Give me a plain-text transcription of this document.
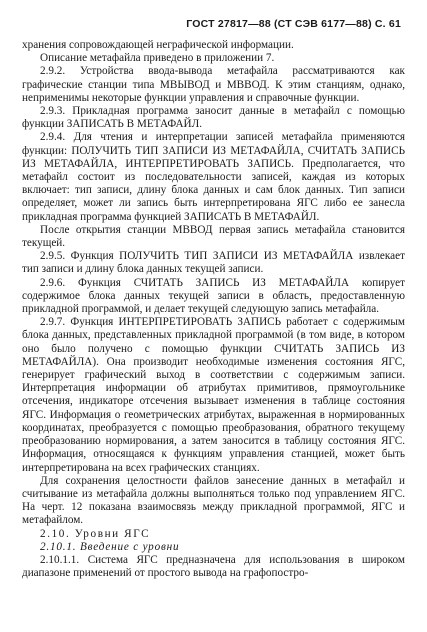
ГОСТ 27817—88 (СТ СЭВ 6177—88) С. 61

хранения сопровождающей неграфической информации.

Описание метафайла приведено в приложении 7.

2.9.2. Устройства ввода-вывода метафайла рассматриваются как графические станции типа МВЫВОД и МВВОД. К этим станциям, однако, неприменимы некоторые функции управления и справочные функции.

2.9.3. Прикладная программа заносит данные в метафайл с помощью функции ЗАПИСАТЬ В МЕТАФАЙЛ.

2.9.4. Для чтения и интерпретации записей метафайла применяются функции: ПОЛУЧИТЬ ТИП ЗАПИСИ ИЗ МЕТАФАЙЛА, СЧИТАТЬ ЗАПИСЬ ИЗ МЕТАФАЙЛА, ИНТЕРПРЕТИРОВАТЬ ЗАПИСЬ. Предполагается, что метафайл состоит из последовательности записей, каждая из которых включает: тип записи, длину блока данных и сам блок данных. Тип записи определяет, может ли запись быть интерпретирована ЯГС либо ее занесла прикладная программа функцией ЗАПИСАТЬ В МЕТАФАЙЛ.

После открытия станции МВВОД первая запись метафайла становится текущей.

2.9.5. Функция ПОЛУЧИТЬ ТИП ЗАПИСИ ИЗ МЕТАФАЙЛА извлекает тип записи и длину блока данных текущей записи.

2.9.6. Функция СЧИТАТЬ ЗАПИСЬ ИЗ МЕТАФАЙЛА копирует содержимое блока данных текущей записи в область, предоставленную прикладной программой, и делает текущей следующую запись метафайла.

2.9.7. Функция ИНТЕРПРЕТИРОВАТЬ ЗАПИСЬ работает с содержимым блока данных, представленных прикладной программой (в том виде, в котором оно было получено с помощью функции СЧИТАТЬ ЗАПИСЬ ИЗ МЕТАФАЙЛА). Она производит необходимые изменения состояния ЯГС, генерирует графический выход в соответствии с содержимым записи. Интерпретация информации об атрибутах примитивов, прямоугольнике отсечения, индикаторе отсечения вызывает изменения в таблице состояния ЯГС. Информация о геометрических атрибутах, выраженная в нормированных координатах, преобразуется с помощью преобразования, обратного текущему преобразованию нормирования, а затем заносится в таблицу состояния ЯГС. Информация, относящаяся к функциям управления станцией, может быть интерпретирована на всех графических станциях.

Для сохранения целостности файлов занесение данных в метафайл и считывание из метафайла должны выполняться только под управлением ЯГС. На черт. 12 показана взаимосвязь между прикладной программой, ЯГС и метафайлом.

2.10. Уровни ЯГС

2.10.1. Введение с уровни

2.10.1.1. Система ЯГС предназначена для использования в широком диапазоне применений от простого вывода на графопостро-
